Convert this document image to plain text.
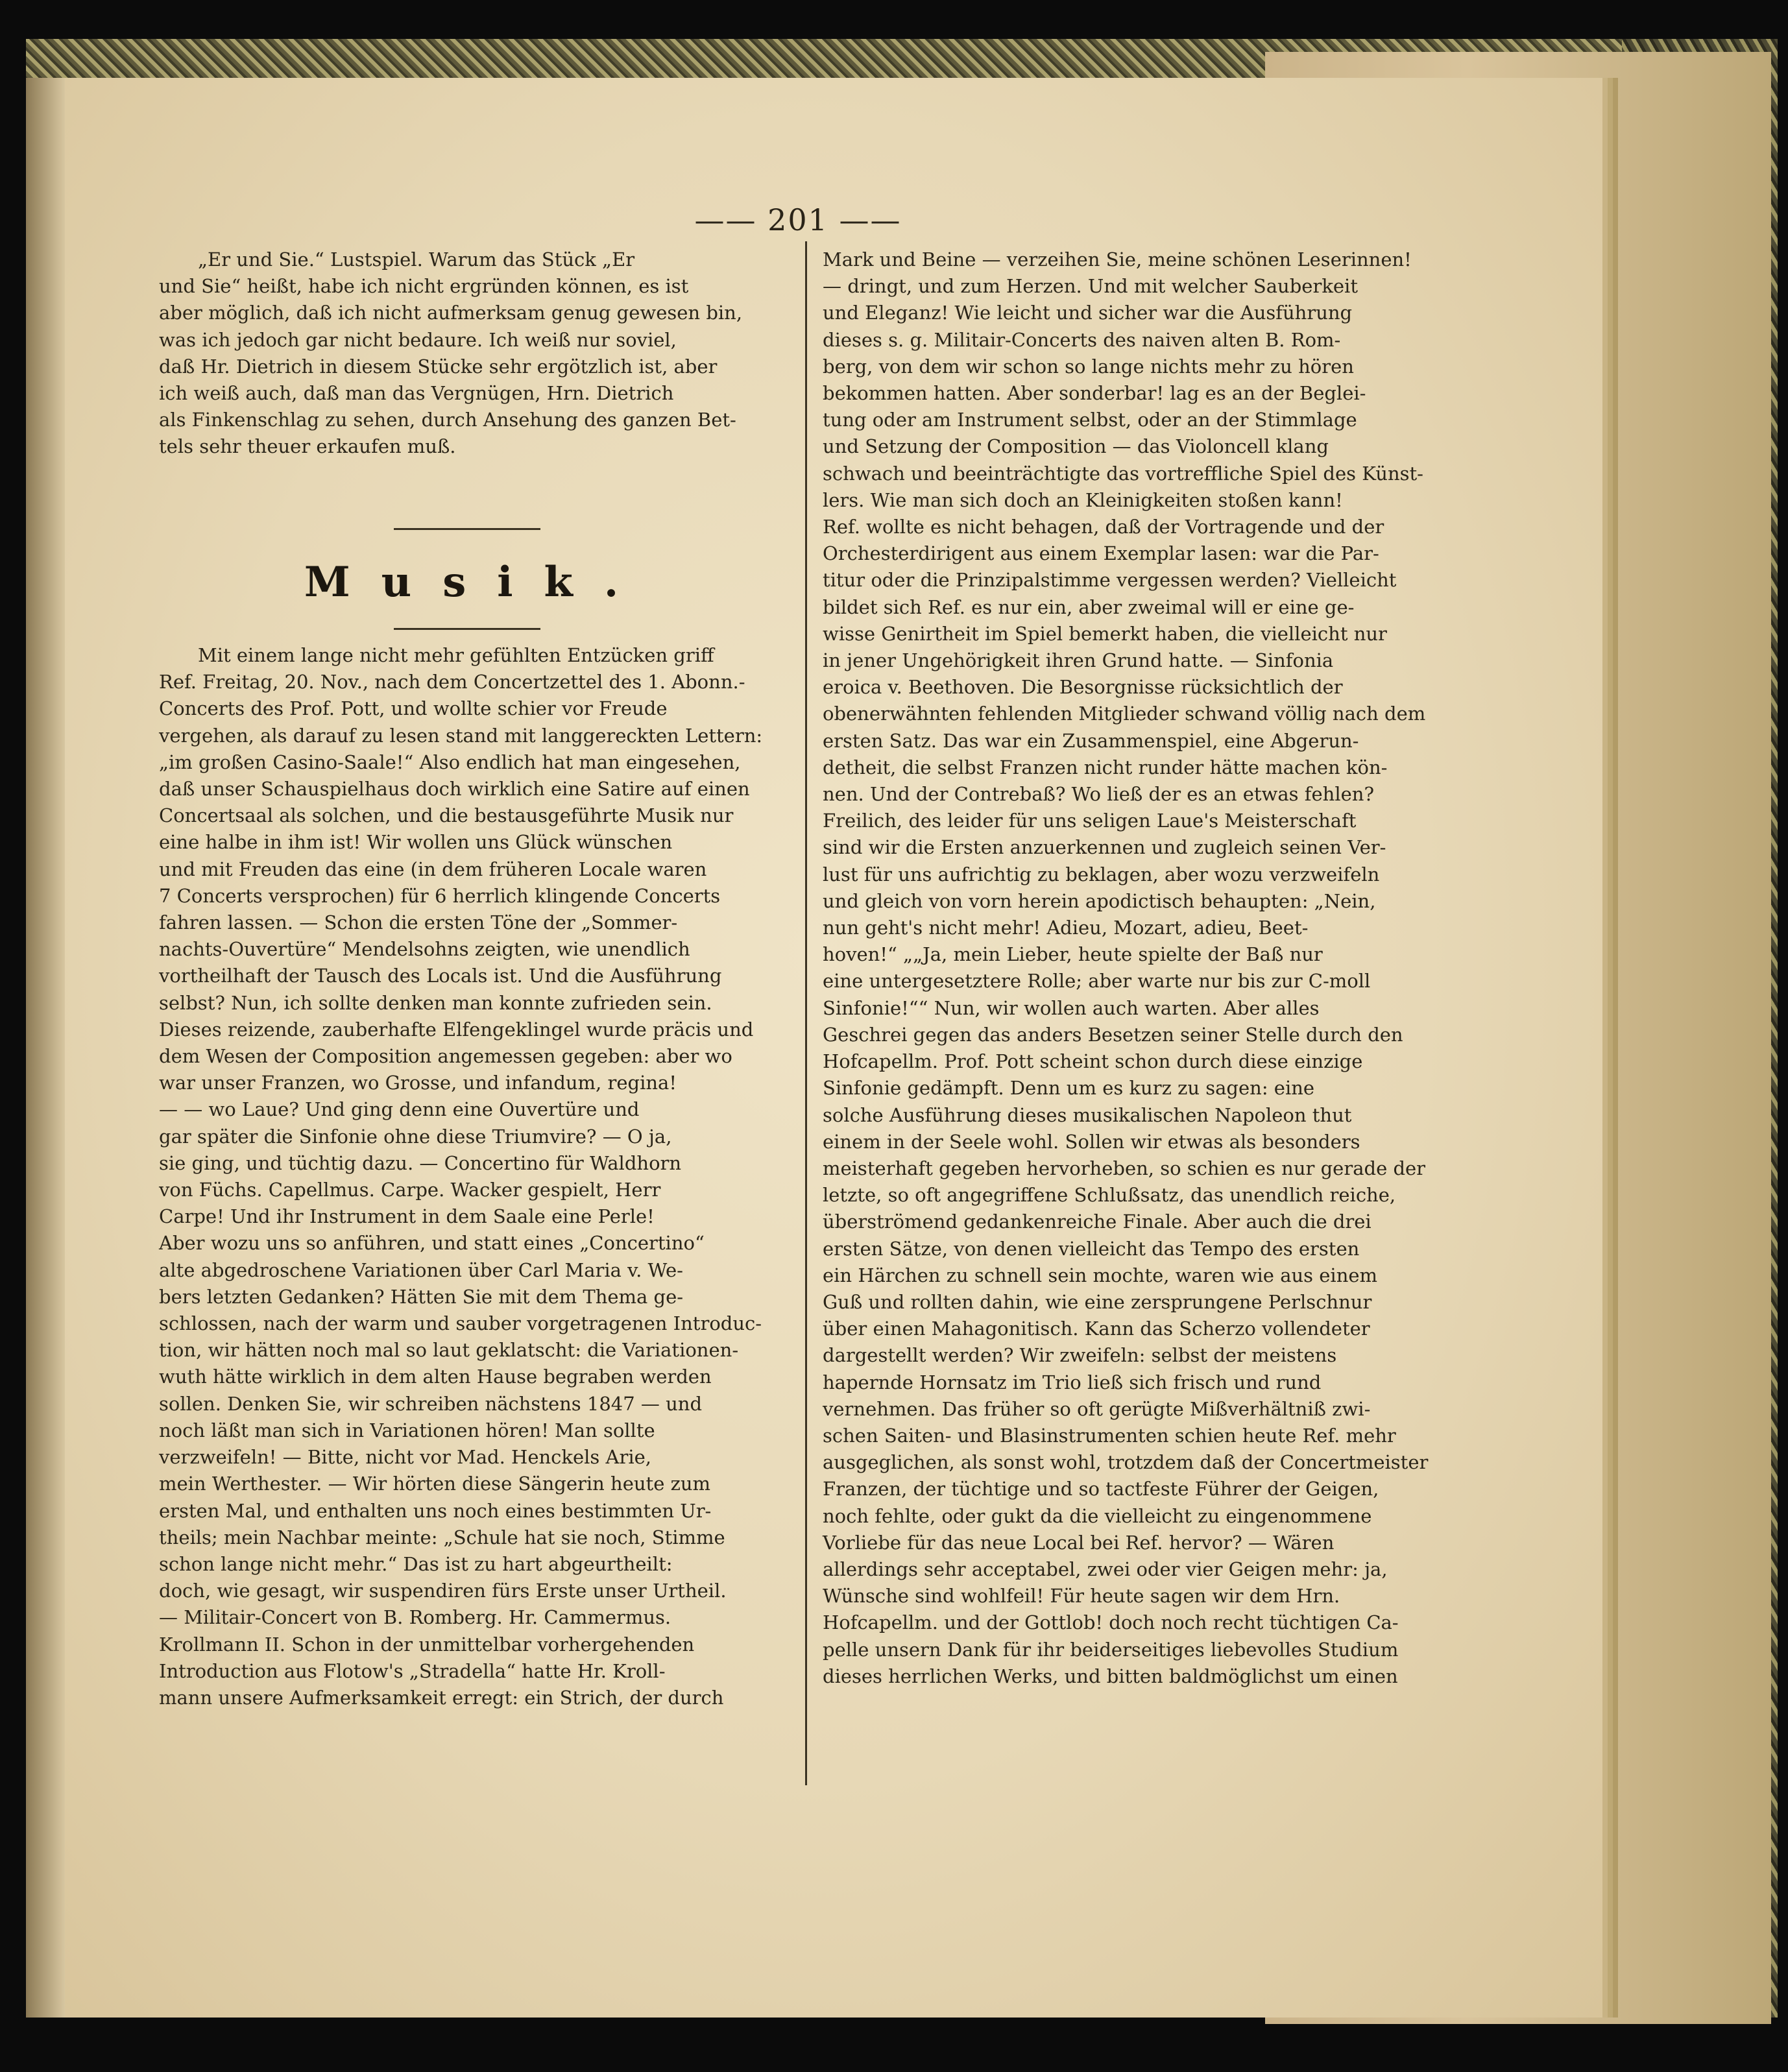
—— 201 ——

„Er und Sie.“ Lustspiel. Warum das Stück „Er

und Sie“ heißt, habe ich nicht ergründen können, es ist

aber möglich, daß ich nicht aufmerksam genug gewesen bin,

was ich jedoch gar nicht bedaure. Ich weiß nur soviel,

daß Hr. Dietrich in diesem Stücke sehr ergötzlich ist, aber

ich weiß auch, daß man das Vergnügen, Hrn. Dietrich

als Finkenschlag zu sehen, durch Ansehung des ganzen Bet-

tels sehr theuer erkaufen muß.

Musik.

Mit einem lange nicht mehr gefühlten Entzücken griff

Ref. Freitag, 20. Nov., nach dem Concertzettel des 1. Abonn.-

Concerts des Prof. Pott, und wollte schier vor Freude

vergehen, als darauf zu lesen stand mit langgereckten Lettern:

„im großen Casino-Saale!“ Also endlich hat man eingesehen,

daß unser Schauspielhaus doch wirklich eine Satire auf einen

Concertsaal als solchen, und die bestausgeführte Musik nur

eine halbe in ihm ist! Wir wollen uns Glück wünschen

und mit Freuden das eine (in dem früheren Locale waren

7 Concerts versprochen) für 6 herrlich klingende Concerts

fahren lassen. — Schon die ersten Töne der „Sommer-

nachts-Ouvertüre“ Mendelsohns zeigten, wie unendlich

vortheilhaft der Tausch des Locals ist. Und die Ausführung

selbst? Nun, ich sollte denken man konnte zufrieden sein.

Dieses reizende, zauberhafte Elfengeklingel wurde präcis und

dem Wesen der Composition angemessen gegeben: aber wo

war unser Franzen, wo Grosse, und infandum, regina!

— — wo Laue? Und ging denn eine Ouvertüre und

gar später die Sinfonie ohne diese Triumvire? — O ja,

sie ging, und tüchtig dazu. — Concertino für Waldhorn

von Füchs. Capellmus. Carpe. Wacker gespielt, Herr

Carpe! Und ihr Instrument in dem Saale eine Perle!

Aber wozu uns so anführen, und statt eines „Concertino“

alte abgedroschene Variationen über Carl Maria v. We-

bers letzten Gedanken? Hätten Sie mit dem Thema ge-

schlossen, nach der warm und sauber vorgetragenen Introduc-

tion, wir hätten noch mal so laut geklatscht: die Variationen-

wuth hätte wirklich in dem alten Hause begraben werden

sollen. Denken Sie, wir schreiben nächstens 1847 — und

noch läßt man sich in Variationen hören! Man sollte

verzweifeln! — Bitte, nicht vor Mad. Henckels Arie,

mein Werthester. — Wir hörten diese Sängerin heute zum

ersten Mal, und enthalten uns noch eines bestimmten Ur-

theils; mein Nachbar meinte: „Schule hat sie noch, Stimme

schon lange nicht mehr.“ Das ist zu hart abgeurtheilt:

doch, wie gesagt, wir suspendiren fürs Erste unser Urtheil.

— Militair-Concert von B. Romberg. Hr. Cammermus.

Krollmann II. Schon in der unmittelbar vorhergehenden

Introduction aus Flotow's „Stradella“ hatte Hr. Kroll-

mann unsere Aufmerksamkeit erregt: ein Strich, der durch

Mark und Beine — verzeihen Sie, meine schönen Leserinnen!

— dringt, und zum Herzen. Und mit welcher Sauberkeit

und Eleganz! Wie leicht und sicher war die Ausführung

dieses s. g. Militair-Concerts des naiven alten B. Rom-

berg, von dem wir schon so lange nichts mehr zu hören

bekommen hatten. Aber sonderbar! lag es an der Beglei-

tung oder am Instrument selbst, oder an der Stimmlage

und Setzung der Composition — das Violoncell klang

schwach und beeinträchtigte das vortreffliche Spiel des Künst-

lers. Wie man sich doch an Kleinigkeiten stoßen kann!

Ref. wollte es nicht behagen, daß der Vortragende und der

Orchesterdirigent aus einem Exemplar lasen: war die Par-

titur oder die Prinzipalstimme vergessen werden? Vielleicht

bildet sich Ref. es nur ein, aber zweimal will er eine ge-

wisse Genirtheit im Spiel bemerkt haben, die vielleicht nur

in jener Ungehörigkeit ihren Grund hatte. — Sinfonia

eroica v. Beethoven. Die Besorgnisse rücksichtlich der

obenerwähnten fehlenden Mitglieder schwand völlig nach dem

ersten Satz. Das war ein Zusammenspiel, eine Abgerun-

detheit, die selbst Franzen nicht runder hätte machen kön-

nen. Und der Contrebaß? Wo ließ der es an etwas fehlen?

Freilich, des leider für uns seligen Laue's Meisterschaft

sind wir die Ersten anzuerkennen und zugleich seinen Ver-

lust für uns aufrichtig zu beklagen, aber wozu verzweifeln

und gleich von vorn herein apodictisch behaupten: „Nein,

nun geht's nicht mehr! Adieu, Mozart, adieu, Beet-

hoven!“ „„Ja, mein Lieber, heute spielte der Baß nur

eine untergesetztere Rolle; aber warte nur bis zur C-moll

Sinfonie!““ Nun, wir wollen auch warten. Aber alles

Geschrei gegen das anders Besetzen seiner Stelle durch den

Hofcapellm. Prof. Pott scheint schon durch diese einzige

Sinfonie gedämpft. Denn um es kurz zu sagen: eine

solche Ausführung dieses musikalischen Napoleon thut

einem in der Seele wohl. Sollen wir etwas als besonders

meisterhaft gegeben hervorheben, so schien es nur gerade der

letzte, so oft angegriffene Schlußsatz, das unendlich reiche,

überströmend gedankenreiche Finale. Aber auch die drei

ersten Sätze, von denen vielleicht das Tempo des ersten

ein Härchen zu schnell sein mochte, waren wie aus einem

Guß und rollten dahin, wie eine zersprungene Perlschnur

über einen Mahagonitisch. Kann das Scherzo vollendeter

dargestellt werden? Wir zweifeln: selbst der meistens

hapernde Hornsatz im Trio ließ sich frisch und rund

vernehmen. Das früher so oft gerügte Mißverhältniß zwi-

schen Saiten- und Blasinstrumenten schien heute Ref. mehr

ausgeglichen, als sonst wohl, trotzdem daß der Concertmeister

Franzen, der tüchtige und so tactfeste Führer der Geigen,

noch fehlte, oder gukt da die vielleicht zu eingenommene

Vorliebe für das neue Local bei Ref. hervor? — Wären

allerdings sehr acceptabel, zwei oder vier Geigen mehr: ja,

Wünsche sind wohlfeil! Für heute sagen wir dem Hrn.

Hofcapellm. und der Gottlob! doch noch recht tüchtigen Ca-

pelle unsern Dank für ihr beiderseitiges liebevolles Studium

dieses herrlichen Werks, und bitten baldmöglichst um einen
